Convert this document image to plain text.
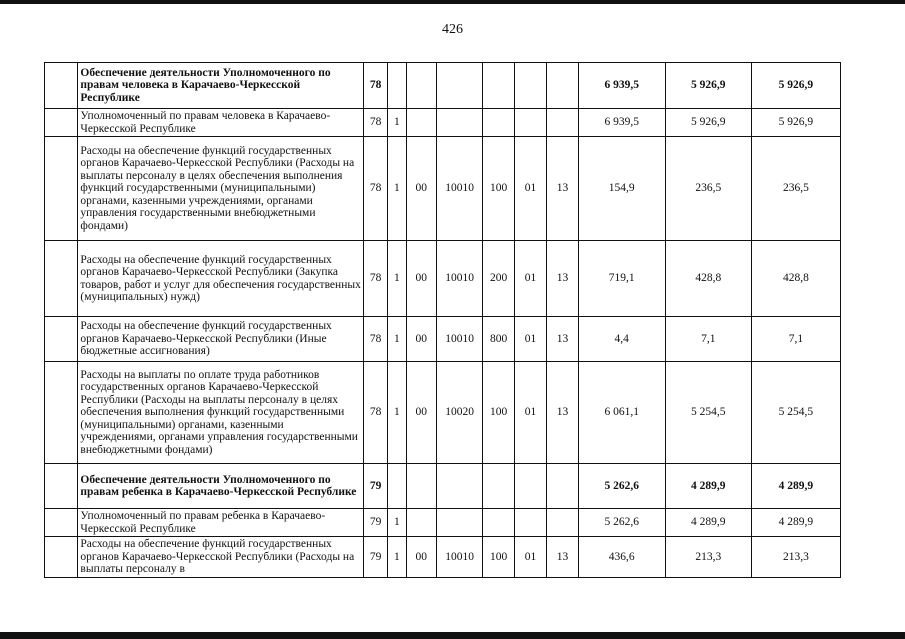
426
	Обеспечение деятельности Уполномоченного по правам человека в Карачаево-Черкесской Республике	78							6 939,5	5 926,9	5 926,9
	Уполномоченный по правам человека в Карачаево-Черкесской Республике	78	1						6 939,5	5 926,9	5 926,9
	Расходы на обеспечение функций государственных органов Карачаево-Черкесской Республики (Расходы на выплаты персоналу в целях обеспечения выполнения функций государственными (муниципальными) органами, казенными учреждениями, органами управления государственными внебюджетными фондами)	78	1	00	10010	100	01	13	154,9	236,5	236,5
	Расходы на обеспечение функций государственных органов Карачаево-Черкесской Республики (Закупка товаров, работ и услуг для обеспечения государственных (муниципальных) нужд)	78	1	00	10010	200	01	13	719,1	428,8	428,8
	Расходы на обеспечение функций государственных органов Карачаево-Черкесской Республики (Иные бюджетные ассигнования)	78	1	00	10010	800	01	13	4,4	7,1	7,1
	Расходы на выплаты по оплате труда работников государственных органов Карачаево-Черкесской Республики (Расходы на выплаты персоналу в целях обеспечения выполнения функций государственными (муниципальными) органами, казенными учреждениями, органами управления государственными внебюджетными фондами)	78	1	00	10020	100	01	13	6 061,1	5 254,5	5 254,5
	Обеспечение деятельности Уполномоченного по правам ребенка в Карачаево-Черкесской Республике	79							5 262,6	4 289,9	4 289,9
	Уполномоченный по правам ребенка в Карачаево-Черкесской Республике	79	1						5 262,6	4 289,9	4 289,9
	Расходы на обеспечение функций государственных органов Карачаево-Черкесской Республики (Расходы на выплаты персоналу в	79	1	00	10010	100	01	13	436,6	213,3	213,3
